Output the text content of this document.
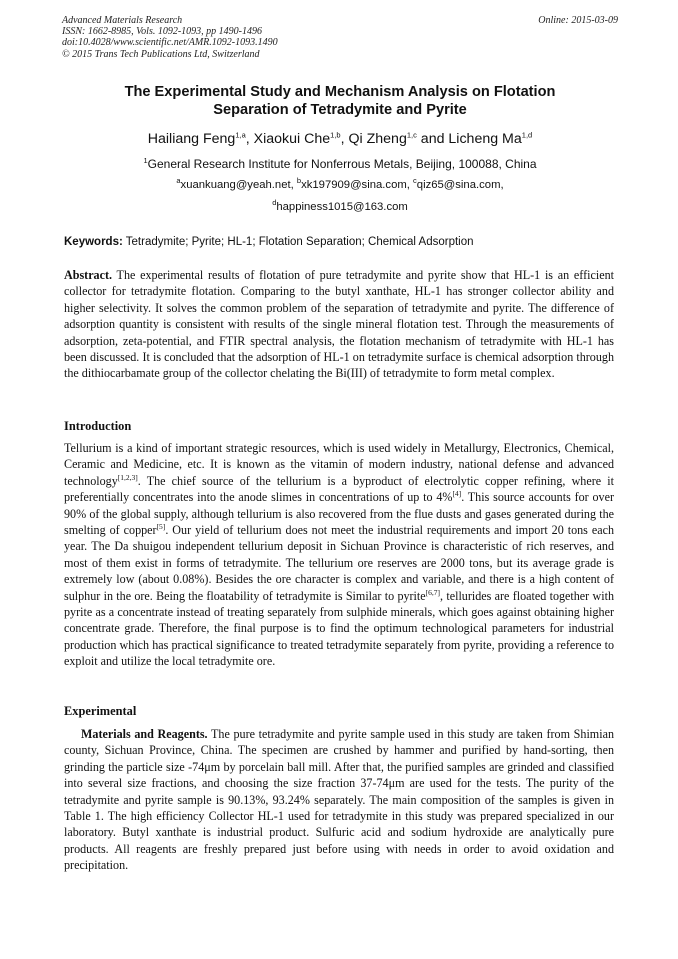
Advanced Materials Research
ISSN: 1662-8985, Vols. 1092-1093, pp 1490-1496
doi:10.4028/www.scientific.net/AMR.1092-1093.1490
© 2015 Trans Tech Publications Ltd, Switzerland
Online: 2015-03-09
The Experimental Study and Mechanism Analysis on Flotation
Separation of Tetradymite and Pyrite
Hailiang Feng$^{1,a}$, Xiaokui Che$^{1,b}$, Qi Zheng$^{1,c}$ and Licheng Ma$^{1,d}$
$^1$General Research Institute for Nonferrous Metals, Beijing, 100088, China
$^a$xuankuang@yeah.net, $^b$xk197909@sina.com, $^c$qiz65@sina.com,
$^d$happiness1015@163.com
Keywords: Tetradymite; Pyrite; HL-1; Flotation Separation; Chemical Adsorption
Abstract. The experimental results of flotation of pure tetradymite and pyrite show that HL-1 is an efficient collector for tetradymite flotation. Comparing to the butyl xanthate, HL-1 has stronger collector ability and higher selectivity. It solves the common problem of the separation of tetradymite and pyrite. The difference of adsorption quantity is consistent with results of the single mineral flotation test. Through the measurements of adsorption, zeta-potential, and FTIR spectral analysis, the flotation mechanism of tetradymite with HL-1 has been discussed. It is concluded that the adsorption of HL-1 on tetradymite surface is chemical adsorption through the dithiocarbamate group of the collector chelating the Bi(III) of tetradymite to form metal complex.
Introduction
Tellurium is a kind of important strategic resources, which is used widely in Metallurgy, Electronics, Chemical, Ceramic and Medicine, etc. It is known as the vitamin of modern industry, national defense and advanced technology[1,2,3]. The chief source of the tellurium is a byproduct of electrolytic copper refining, where it preferentially concentrates into the anode slimes in concentrations of up to 4%[4]. This source accounts for over 90% of the global supply, although tellurium is also recovered from the flue dusts and gases generated during the smelting of copper[5]. Our yield of tellurium does not meet the industrial requirements and import 20 tons each year. The Da shuigou independent tellurium deposit in Sichuan Province is characteristic of rich reserves, and most of them exist in forms of tetradymite. The tellurium ore reserves are 2000 tons, but its average grade is extremely low (about 0.08%). Besides the ore character is complex and variable, and there is a high content of sulphur in the ore. Being the floatability of tetradymite is Similar to pyrite[6,7], tellurides are floated together with pyrite as a concentrate instead of treating separately from sulphide minerals, which goes against obtaining higher concentrate grade. Therefore, the final purpose is to find the optimum technological parameters for industrial production which has practical significance to treated tetradymite separately from pyrite, providing a reference to exploit and utilize the local tetradymite ore.
Experimental
Materials and Reagents. The pure tetradymite and pyrite sample used in this study are taken from Shimian county, Sichuan Province, China. The specimen are crushed by hammer and purified by hand-sorting, then grinding the particle size -74μm by porcelain ball mill. After that, the purified samples are grinded and classified into several size fractions, and choosing the size fraction 37-74μm are used for the tests. The purity of the tetradymite and pyrite sample is 90.13%, 93.24% separately. The main composition of the samples is given in Table 1. The high efficiency Collector HL-1 used for tetradymite in this study was prepared specialized in our laboratory. Butyl xanthate is industrial product. Sulfuric acid and sodium hydroxide are analytically pure products. All reagents are freshly prepared just before using with needs in order to avoid oxidation and precipitation.
